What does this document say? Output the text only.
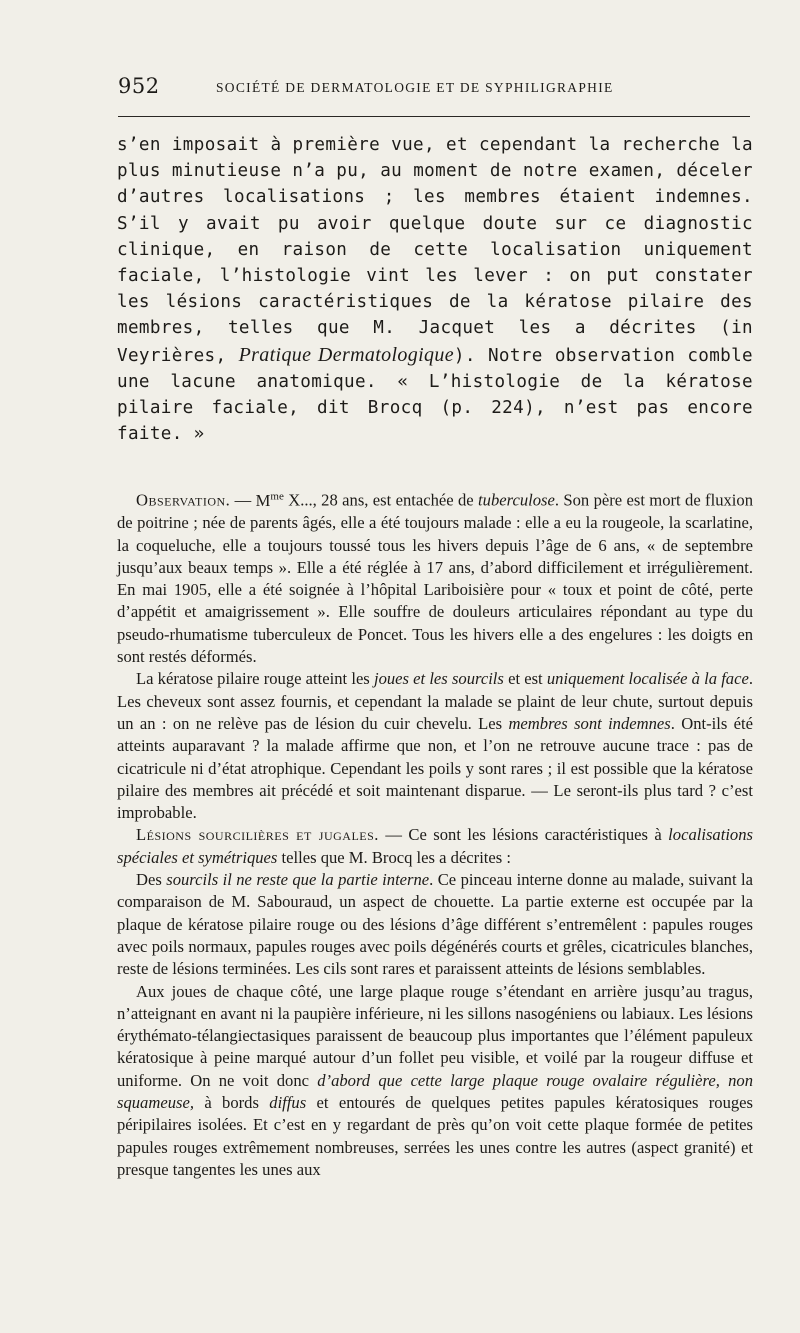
952	SOCIÉTÉ DE DERMATOLOGIE ET DE SYPHILIGRAPHIE

s’en imposait à première vue, et cependant la recherche la plus minutieuse n’a pu, au moment de notre examen, déceler d’autres localisations ; les membres étaient indemnes. S’il y avait pu avoir quelque doute sur ce diagnostic clinique, en raison de cette localisation uniquement faciale, l’histologie vint les lever : on put constater les lésions caractéristiques de la kératose pilaire des membres, telles que M. Jacquet les a décrites (in Veyrières, Pratique Dermatologique). Notre observation comble une lacune anatomique. « L’histologie de la kératose pilaire faciale, dit Brocq (p. 224), n’est pas encore faite. »

Observation. — $M^{me}$ X..., 28 ans, est entachée de tuberculose. Son père est mort de fluxion de poitrine ; née de parents âgés, elle a été toujours malade : elle a eu la rougeole, la scarlatine, la coqueluche, elle a toujours toussé tous les hivers depuis l’âge de 6 ans, « de septembre jusqu’aux beaux temps ». Elle a été réglée à 17 ans, d’abord difficilement et irrégulièrement. En mai 1905, elle a été soignée à l’hôpital Lariboisière pour « toux et point de côté, perte d’appétit et amaigrissement ». Elle souffre de douleurs articulaires répondant au type du pseudo-rhumatisme tuberculeux de Poncet. Tous les hivers elle a des engelures : les doigts en sont restés déformés.

La kératose pilaire rouge atteint les joues et les sourcils et est uniquement localisée à la face. Les cheveux sont assez fournis, et cependant la malade se plaint de leur chute, surtout depuis un an : on ne relève pas de lésion du cuir chevelu. Les membres sont indemnes. Ont-ils été atteints auparavant ? la malade affirme que non, et l’on ne retrouve aucune trace : pas de cicatricule ni d’état atrophique. Cependant les poils y sont rares ; il est possible que la kératose pilaire des membres ait précédé et soit maintenant disparue. — Le seront-ils plus tard ? c’est improbable.

Lésions sourcilières et jugales. — Ce sont les lésions caractéristiques à localisations spéciales et symétriques telles que M. Brocq les a décrites :

Des sourcils il ne reste que la partie interne. Ce pinceau interne donne au malade, suivant la comparaison de M. Sabouraud, un aspect de chouette. La partie externe est occupée par la plaque de kératose pilaire rouge ou des lésions d’âge différent s’entremêlent : papules rouges avec poils normaux, papules rouges avec poils dégénérés courts et grêles, cicatricules blanches, reste de lésions terminées. Les cils sont rares et paraissent atteints de lésions semblables.

Aux joues de chaque côté, une large plaque rouge s’étendant en arrière jusqu’au tragus, n’atteignant en avant ni la paupière inférieure, ni les sillons nasogéniens ou labiaux. Les lésions érythémato-télangiectasiques paraissent de beaucoup plus importantes que l’élément papuleux kératosique à peine marqué autour d’un follet peu visible, et voilé par la rougeur diffuse et uniforme. On ne voit donc d’abord que cette large plaque rouge ovalaire régulière, non squameuse, à bords diffus et entourés de quelques petites papules kératosiques rouges péripilaires isolées. Et c’est en y regardant de près qu’on voit cette plaque formée de petites papules rouges extrêmement nombreuses, serrées les unes contre les autres (aspect granité) et presque tangentes les unes aux
